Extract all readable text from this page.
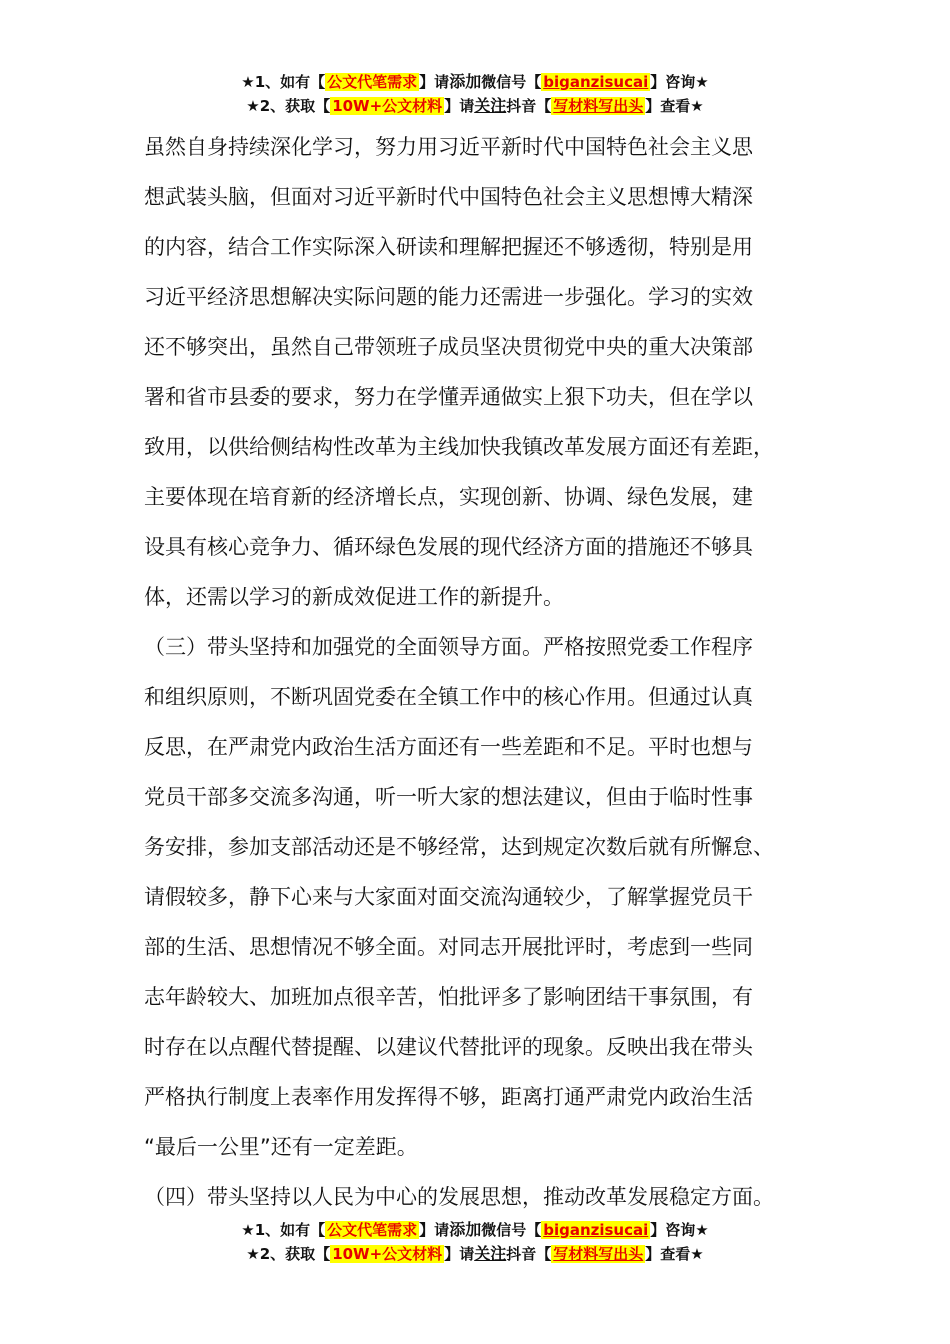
★1、如有【 公文代笔需求 】请添加微信号【 biganzisucai 】咨询★
★2、获取【 10W+公文材料 】请关注抖音【 写材料写出头 】查看★
虽然自身持续深化学习，努力用习近平新时代中国特色社会主义思
想武装头脑，但面对习近平新时代中国特色社会主义思想博大精深
的内容，结合工作实际深入研读和理解把握还不够透彻，特别是用
习近平经济思想解决实际问题的能力还需进一步强化。学习的实效
还不够突出，虽然自己带领班子成员坚决贯彻党中央的重大决策部
署和省市县委的要求，努力在学懂弄通做实上狠下功夫，但在学以
致用，以供给侧结构性改革为主线加快我镇改革发展方面还有差距，
主要体现在培育新的经济增长点，实现创新、协调、绿色发展，建
设具有核心竞争力、循环绿色发展的现代经济方面的措施还不够具
体，还需以学习的新成效促进工作的新提升。
（三）带头坚持和加强党的全面领导方面。严格按照党委工作程序
和组织原则，不断巩固党委在全镇工作中的核心作用。但通过认真
反思，在严肃党内政治生活方面还有一些差距和不足。平时也想与
党员干部多交流多沟通，听一听大家的想法建议，但由于临时性事
务安排，参加支部活动还是不够经常，达到规定次数后就有所懈怠、
请假较多，静下心来与大家面对面交流沟通较少，了解掌握党员干
部的生活、思想情况不够全面。对同志开展批评时，考虑到一些同
志年龄较大、加班加点很辛苦，怕批评多了影响团结干事氛围，有
时存在以点醒代替提醒、以建议代替批评的现象。反映出我在带头
严格执行制度上表率作用发挥得不够，距离打通严肃党内政治生活
“最后一公里”还有一定差距。
（四）带头坚持以人民为中心的发展思想，推动改革发展稳定方面。
★1、如有【 公文代笔需求 】请添加微信号【 biganzisucai 】咨询★
★2、获取【 10W+公文材料 】请关注抖音【 写材料写出头 】查看★
